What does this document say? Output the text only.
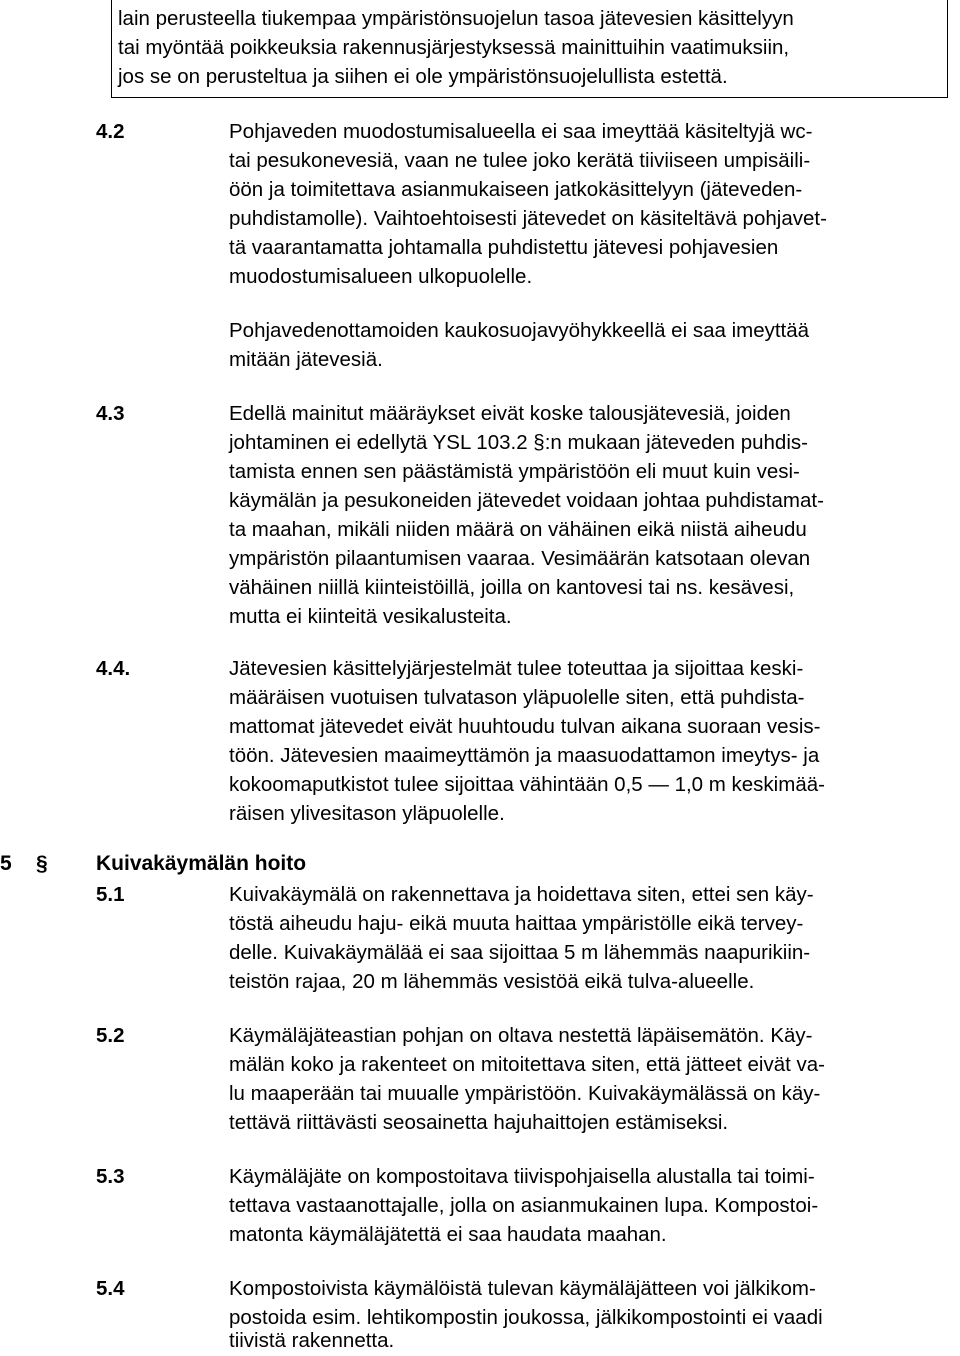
lain perusteella tiukempaa ympäristönsuojelun tasoa jätevesien käsittelyyn
tai myöntää poikkeuksia rakennusjärjestyksessä mainittuihin vaatimuksiin,
jos se on perusteltua ja siihen ei ole ympäristönsuojelullista estettä.
4.2	Pohjaveden muodostumisalueella ei saa imeyttää käsiteltyjä wc-
tai pesukonevesiä, vaan ne tulee joko kerätä tiiviiseen umpisäili-
öön ja toimitettava asianmukaiseen jatkokäsittelyyn (jäteveden-
puhdistamolle). Vaihtoehtoisesti jätevedet on käsiteltävä pohjavet-
tä vaarantamatta johtamalla puhdistettu jätevesi pohjavesien
muodostumisalueen ulkopuolelle.
Pohjavedenottamoiden kaukosuojavyöhykkeellä ei saa imeyttää
mitään jätevesiä.
4.3	Edellä mainitut määräykset eivät koske talousjätevesiä, joiden
johtaminen ei edellytä YSL 103.2 §:n mukaan jäteveden puhdis-
tamista ennen sen päästämistä ympäristöön eli muut kuin vesi-
käymälän ja pesukoneiden jätevedet voidaan johtaa puhdistamat-
ta maahan, mikäli niiden määrä on vähäinen eikä niistä aiheudu
ympäristön pilaantumisen vaaraa. Vesimäärän katsotaan olevan
vähäinen niillä kiinteistöillä, joilla on kantovesi tai ns. kesävesi,
mutta ei kiinteitä vesikalusteita.
4.4.	Jätevesien käsittelyjärjestelmät tulee toteuttaa ja sijoittaa keski-
määräisen vuotuisen tulvatason yläpuolelle siten, että puhdista-
mattomat jätevedet eivät huuhtoudu tulvan aikana suoraan vesis-
töön. Jätevesien maaimeyttämön ja maasuodattamon imeytys- ja
kokoomaputkistot tulee sijoittaa vähintään 0,5 — 1,0 m keskimää-
räisen ylivesitason yläpuolelle.
5 § Kuivakäymälän hoito
5.1	Kuivakäymälä on rakennettava ja hoidettava siten, ettei sen käy-
töstä aiheudu haju- eikä muuta haittaa ympäristölle eikä tervey-
delle. Kuivakäymälää ei saa sijoittaa 5 m lähemmäs naapurikiin-
teistön rajaa, 20 m lähemmäs vesistöä eikä tulva-alueelle.
5.2	Käymäläjäteastian pohjan on oltava nestettä läpäisemätön. Käy-
mälän koko ja rakenteet on mitoitettava siten, että jätteet eivät va-
lu maaperään tai muualle ympäristöön. Kuivakäymälässä on käy-
tettävä riittävästi seosainetta hajuhaittojen estämiseksi.
5.3	Käymäläjäte on kompostoitava tiivispohjaisella alustalla tai toimi-
tettava vastaanottajalle, jolla on asianmukainen lupa. Kompostoi-
matonta käymäläjätettä ei saa haudata maahan.
5.4	Kompostoivista käymälöistä tulevan käymäläjätteen voi jälkikom-
postoida esim. lehtikompostin joukossa, jälkikompostointi ei vaadi
tiivistä rakennetta.
